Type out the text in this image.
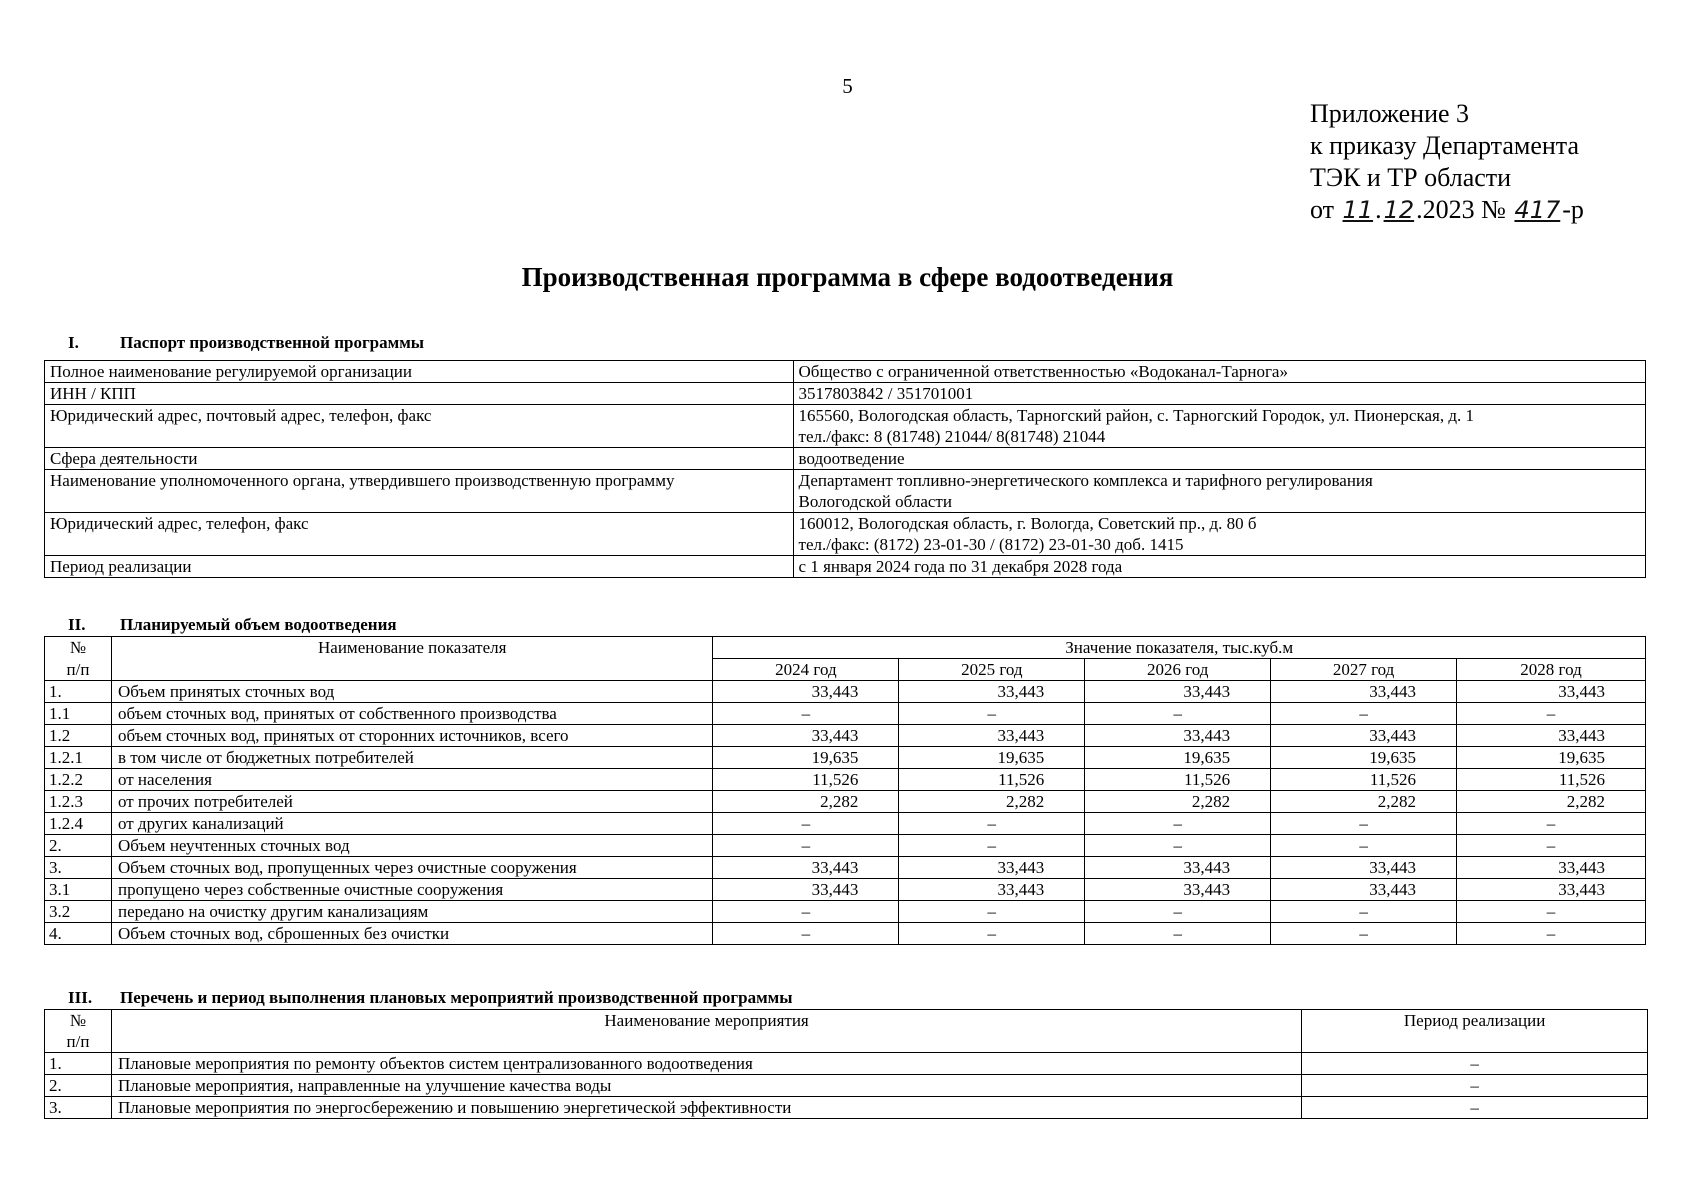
5
Приложение 3
к приказу Департамента
ТЭК и ТР области
от 11.12.2023 № 417-р
Производственная программа в сфере водоотведения
I. Паспорт производственной программы
Полное наименование регулируемой организации	Общество с ограниченной ответственностью «Водоканал-Тарнога»

ИНН / КПП	3517803842 / 351701001

Юридический адрес, почтовый адрес, телефон, факс	165560, Вологодская область, Тарногский район, с. Тарногский Городок, ул. Пионерская, д. 1
тел./факс: 8 (81748) 21044/ 8(81748) 21044

Сфера деятельности	водоотведение

Наименование уполномоченного органа, утвердившего производственную программу	Департамент топливно-энергетического комплекса и тарифного регулирования
Вологодской области

Юридический адрес, телефон, факс	160012, Вологодская область, г. Вологда, Советский пр., д. 80 б
тел./факс: (8172) 23-01-30 / (8172) 23-01-30 доб. 1415

Период реализации	с 1 января 2024 года по 31 декабря 2028 года
II. Планируемый объем водоотведения
№	Наименование показателя	Значение показателя, тыс.куб.м				
п/п		2024 год	2025 год	2026 год	2027 год	2028 год
1.	Объем принятых сточных вод	33,443	33,443	33,443	33,443	33,443
1.1	объем сточных вод, принятых от собственного производства	–	–	–	–	–
1.2	объем сточных вод, принятых от сторонних источников, всего	33,443	33,443	33,443	33,443	33,443
1.2.1	в том числе от бюджетных потребителей	19,635	19,635	19,635	19,635	19,635
1.2.2	от населения	11,526	11,526	11,526	11,526	11,526
1.2.3	от прочих потребителей	2,282	2,282	2,282	2,282	2,282
1.2.4	от других канализаций	–	–	–	–	–
2.	Объем неучтенных сточных вод	–	–	–	–	–
3.	Объем сточных вод, пропущенных через очистные сооружения	33,443	33,443	33,443	33,443	33,443
3.1	пропущено через собственные очистные сооружения	33,443	33,443	33,443	33,443	33,443
3.2	передано на очистку другим канализациям	–	–	–	–	–
4.	Объем сточных вод, сброшенных без очистки	–	–	–	–	–
III. Перечень и период выполнения плановых мероприятий производственной программы
№	Наименование мероприятия	Период реализации
п/п		
1.	Плановые мероприятия по ремонту объектов систем централизованного водоотведения	–
2.	Плановые мероприятия, направленные на улучшение качества воды	–
3.	Плановые мероприятия по энергосбережению и повышению энергетической эффективности	–
